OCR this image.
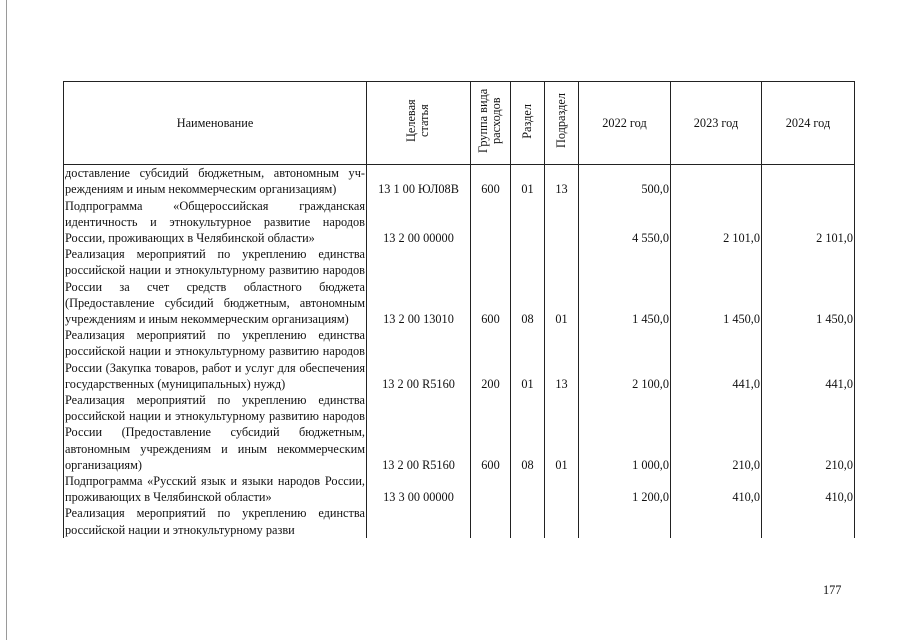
Наименование	Целевая статья	Группа вида расходов	Раздел	Подраздел	2022 год	2023 год	2024 год
доставление субсидий бюджетным, автономным учреждениям и иным некоммерческим организациям)	13 1 00 ЮЛ08В	600	01	13	500,0		
Подпрограмма «Общероссийская гражданская идентичность и этнокультурное развитие народов России, проживающих в Челябинской области»	13 2 00 00000				4 550,0	2 101,0	2 101,0
Реализация мероприятий по укреплению единства российской нации и этнокультурному развитию народов России за счет средств областного бюджета (Предоставление субсидий бюджетным, автономным учреждениям и иным некоммерческим организациям)	13 2 00 13010	600	08	01	1 450,0	1 450,0	1 450,0
Реализация мероприятий по укреплению единства российской нации и этнокультурному развитию народов России (Закупка товаров, работ и услуг для обеспечения государственных (муниципальных) нужд)	13 2 00 R5160	200	01	13	2 100,0	441,0	441,0
Реализация мероприятий по укреплению единства российской нации и этнокультурному развитию народов России (Предоставление субсидий бюджетным, автономным учреждениям и иным некоммерческим организациям)	13 2 00 R5160	600	08	01	1 000,0	210,0	210,0
Подпрограмма «Русский язык и языки народов России, проживающих в Челябинской области»	13 3 00 00000				1 200,0	410,0	410,0
Реализация мероприятий по укреплению единства российской нации и этнокультурному разви							
177
